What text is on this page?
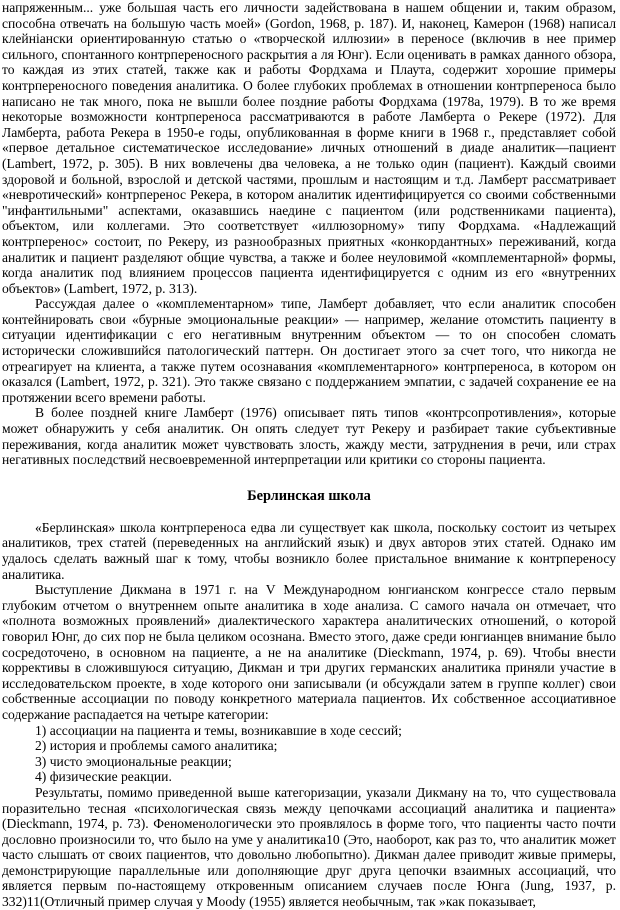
напряженным... уже большая часть его личности задействована в нашем общении и, таким образом, способна отвечать на большую часть моей» (Gordon, 1968, p. 187). И, наконец, Камерон (1968) написал клейнiански ориентированную статью о «творческой иллюзии» в переносе (включив в нее пример сильного, спонтанного контрпереносного раскрытия а ля Юнг). Если оценивать в рамках данного обзора, то каждая из этих статей, также как и работы Фордхама и Плаута, содержит хорошие примеры контрпереносного поведения аналитика. О более глубоких проблемах в отношении контрпереноса было написано не так много, пока не вышли более поздние работы Фордхама (1978a, 1979). В то же время некоторые возможности контрпереноса рассматриваются в работе Ламберта о Рекере (1972). Для Ламберта, работа Рекера в 1950-е годы, опубликованная в форме книги в 1968 г., представляет собой «первое детальное систематическое исследование» личных отношений в диаде аналитик—пациент (Lambert, 1972, p. 305). В них вовлечены два человека, а не только один (пациент). Каждый своими здоровой и больной, взрослой и детской частями, прошлым и настоящим и т.д. Ламберт рассматривает «невротический» контрперенос Рекера, в котором аналитик идентифицируется со своими собственными "инфантильными" аспектами, оказавшись наедине с пациентом (или родственниками пациента), объектом, или коллегами. Это соответствует «иллюзорному» типу Фордхама. «Надлежащий контрперенос» состоит, по Рекеру, из разнообразных приятных «конкордантных» переживаний, когда аналитик и пациент разделяют общие чувства, а также и более неуловимой «комплементарной» формы, когда аналитик под влиянием процессов пациента идентифицируется с одним из его «внутренних объектов» (Lambert, 1972, p. 313).

Рассуждая далее о «комплементарном» типе, Ламберт добавляет, что если аналитик способен контейнировать свои «бурные эмоциональные реакции» — например, желание отомстить пациенту в ситуации идентификации с его негативным внутренним объектом — то он способен сломать исторически сложившийся патологический паттерн. Он достигает этого за счет того, что никогда не отреагирует на клиента, а также путем осознавания «комплементарного» контрпереноса, в котором он оказался (Lambert, 1972, p. 321). Это также связано с поддержанием эмпатии, с задачей сохранение ее на протяжении всего времени работы.

В более поздней книге Ламберт (1976) описывает пять типов «контрсопротивления», которые может обнаружить у себя аналитик. Он опять следует тут Рекеру и разбирает такие субъективные переживания, когда аналитик может чувствовать злость, жажду мести, затруднения в речи, или страх негативных последствий несвоевременной интерпретации или критики со стороны пациента.

Берлинская школа

«Берлинская» школа контрпереноса едва ли существует как школа, поскольку состоит из четырех аналитиков, трех статей (переведенных на английский язык) и двух авторов этих статей. Однако им удалось сделать важный шаг к тому, чтобы возникло более пристальное внимание к контрпереносу аналитика.

Выступление Дикмана в 1971 г. на V Международном юнгианском конгрессе стало первым глубоким отчетом о внутреннем опыте аналитика в ходе анализа. С самого начала он отмечает, что «полнота возможных проявлений» диалектического характера аналитических отношений, о которой говорил Юнг, до сих пор не была целиком осознана. Вместо этого, даже среди юнгианцев внимание было сосредоточено, в основном на пациенте, а не на аналитике (Dieckmann, 1974, p. 69). Чтобы внести коррективы в сложившуюся ситуацию, Дикман и три других германских аналитика приняли участие в исследовательском проекте, в ходе которого они записывали (и обсуждали затем в группе коллег) свои собственные ассоциации по поводу конкретного материала пациентов. Их собственное ассоциативное содержание распадается на четыре категории:

1) ассоциации на пациента и темы, возникавшие в ходе сессий;
2) история и проблемы самого аналитика;
3) чисто эмоциональные реакции;
4) физические реакции.

Результаты, помимо приведенной выше категоризации, указали Дикману на то, что существовала поразительно тесная «психологическая связь между цепочками ассоциаций аналитика и пациента» (Dieckmann, 1974, p. 73). Феноменологически это проявлялось в форме того, что пациенты часто почти дословно произносили то, что было на уме у аналитика10 (Это, наоборот, как раз то, что аналитик может часто слышать от своих пациентов, что довольно любопытно). Дикман далее приводит живые примеры, демонстрирующие параллельные или дополняющие друг друга цепочки взаимных ассоциаций, что является первым по-настоящему откровенным описанием случаев после Юнга (Jung, 1937, p. 332)11(Отличный пример случая у Moody (1955) является необычным, так »как показывает,
